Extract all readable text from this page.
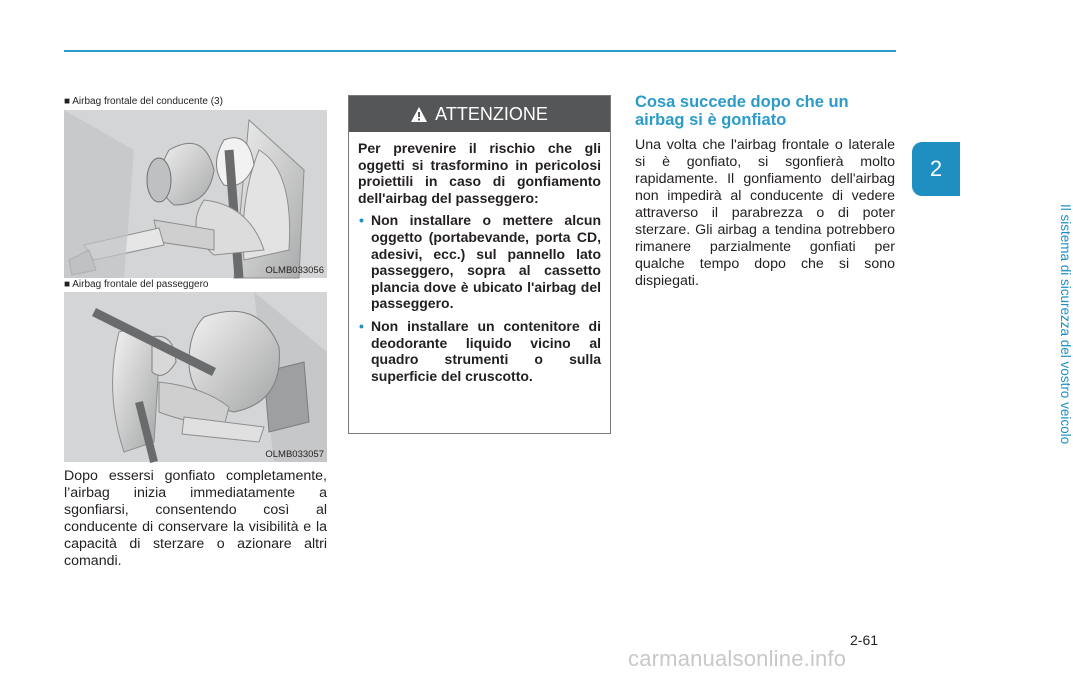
2
Il sistema di sicurezza del vostro veicolo
■ Airbag frontale del conducente (3)
OLMB033056
■ Airbag frontale del passeggero
OLMB033057

Dopo essersi gonfiato completamente, l’airbag inizia immediatamente a sgonfiarsi, consentendo così al conducente di conservare la visibilità e la capacità di sterzare o azionare altri comandi.

ATTENZIONE

Per prevenire il rischio che gli oggetti si trasformino in pericolosi proiettili in caso di gonfiamento dell'airbag del passeggero:

• Non installare o mettere alcun oggetto (portabevande, porta CD, adesivi, ecc.) sul pannello lato passeggero, sopra al cassetto plancia dove è ubicato l'airbag del passeggero.
• Non installare un contenitore di deodorante liquido vicino al quadro strumenti o sulla superficie del cruscotto.
Cosa succede dopo che un airbag si è gonfiato

Una volta che l'airbag frontale o laterale si è gonfiato, si sgonfierà molto rapidamente. Il gonfiamento dell'airbag non impedirà al conducente di vedere attraverso il parabrezza o di poter sterzare. Gli airbag a tendina potrebbero rimanere parzialmente gonfiati per qualche tempo dopo che si sono dispiegati.

2-61
carmanualsonline.info
